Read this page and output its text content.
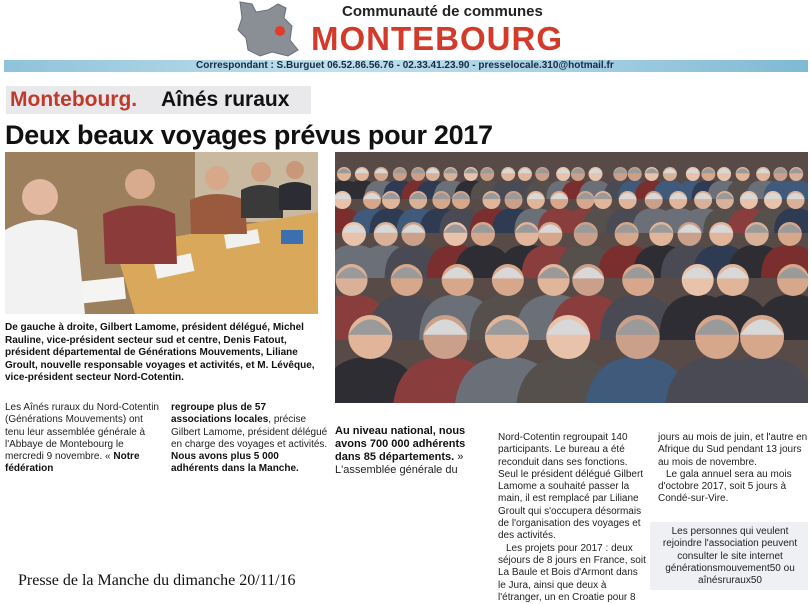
Communauté de communes
MONTEBOURG
Correspondant : S.Burguet 06.52.86.56.76 - 02.33.41.23.90 - presselocale.310@hotmail.fr
Montebourg. Aînés ruraux
Deux beaux voyages prévus pour 2017
De gauche à droite, Gilbert Lamome, président délégué, Michel Rauline, vice-président secteur sud et centre, Denis Fatout, président départemental de Générations Mouvements, Liliane Groult, nouvelle responsable voyages et activités, et M. Lévêque, vice-président secteur Nord-Cotentin.
Les Aînés ruraux du Nord-Cotentin (Générations Mouvements) ont tenu leur assemblée générale à l'Abbaye de Montebourg le mercredi 9 novembre. « Notre fédération
regroupe plus de 57 associations locales, précise Gilbert Lamome, président délégué en charge des voyages et activités. Nous avons plus 5 000 adhérents dans la Manche.
Au niveau national, nous avons 700 000 adhérents dans 85 départements. »
L'assemblée générale du
Nord-Cotentin regroupait 140 participants. Le bureau a été reconduit dans ses fonctions. Seul le président délégué Gilbert Lamome a souhaité passer la main, il est remplacé par Liliane Groult qui s'occupera désormais de l'organisation des voyages et des activités.
Les projets pour 2017 : deux séjours de 8 jours en France, soit La Baule et Bois d'Armont dans le Jura, ainsi que deux à l'étranger, un en Croatie pour 8
jours au mois de juin, et l'autre en Afrique du Sud pendant 13 jours au mois de novembre.
Le gala annuel sera au mois d'octobre 2017, soit 5 jours à Condé-sur-Vire.
Les personnes qui veulent rejoindre l'association peuvent consulter le site internet générationsmouvement50 ou aînésruraux50
Presse de la Manche du dimanche 20/11/16
